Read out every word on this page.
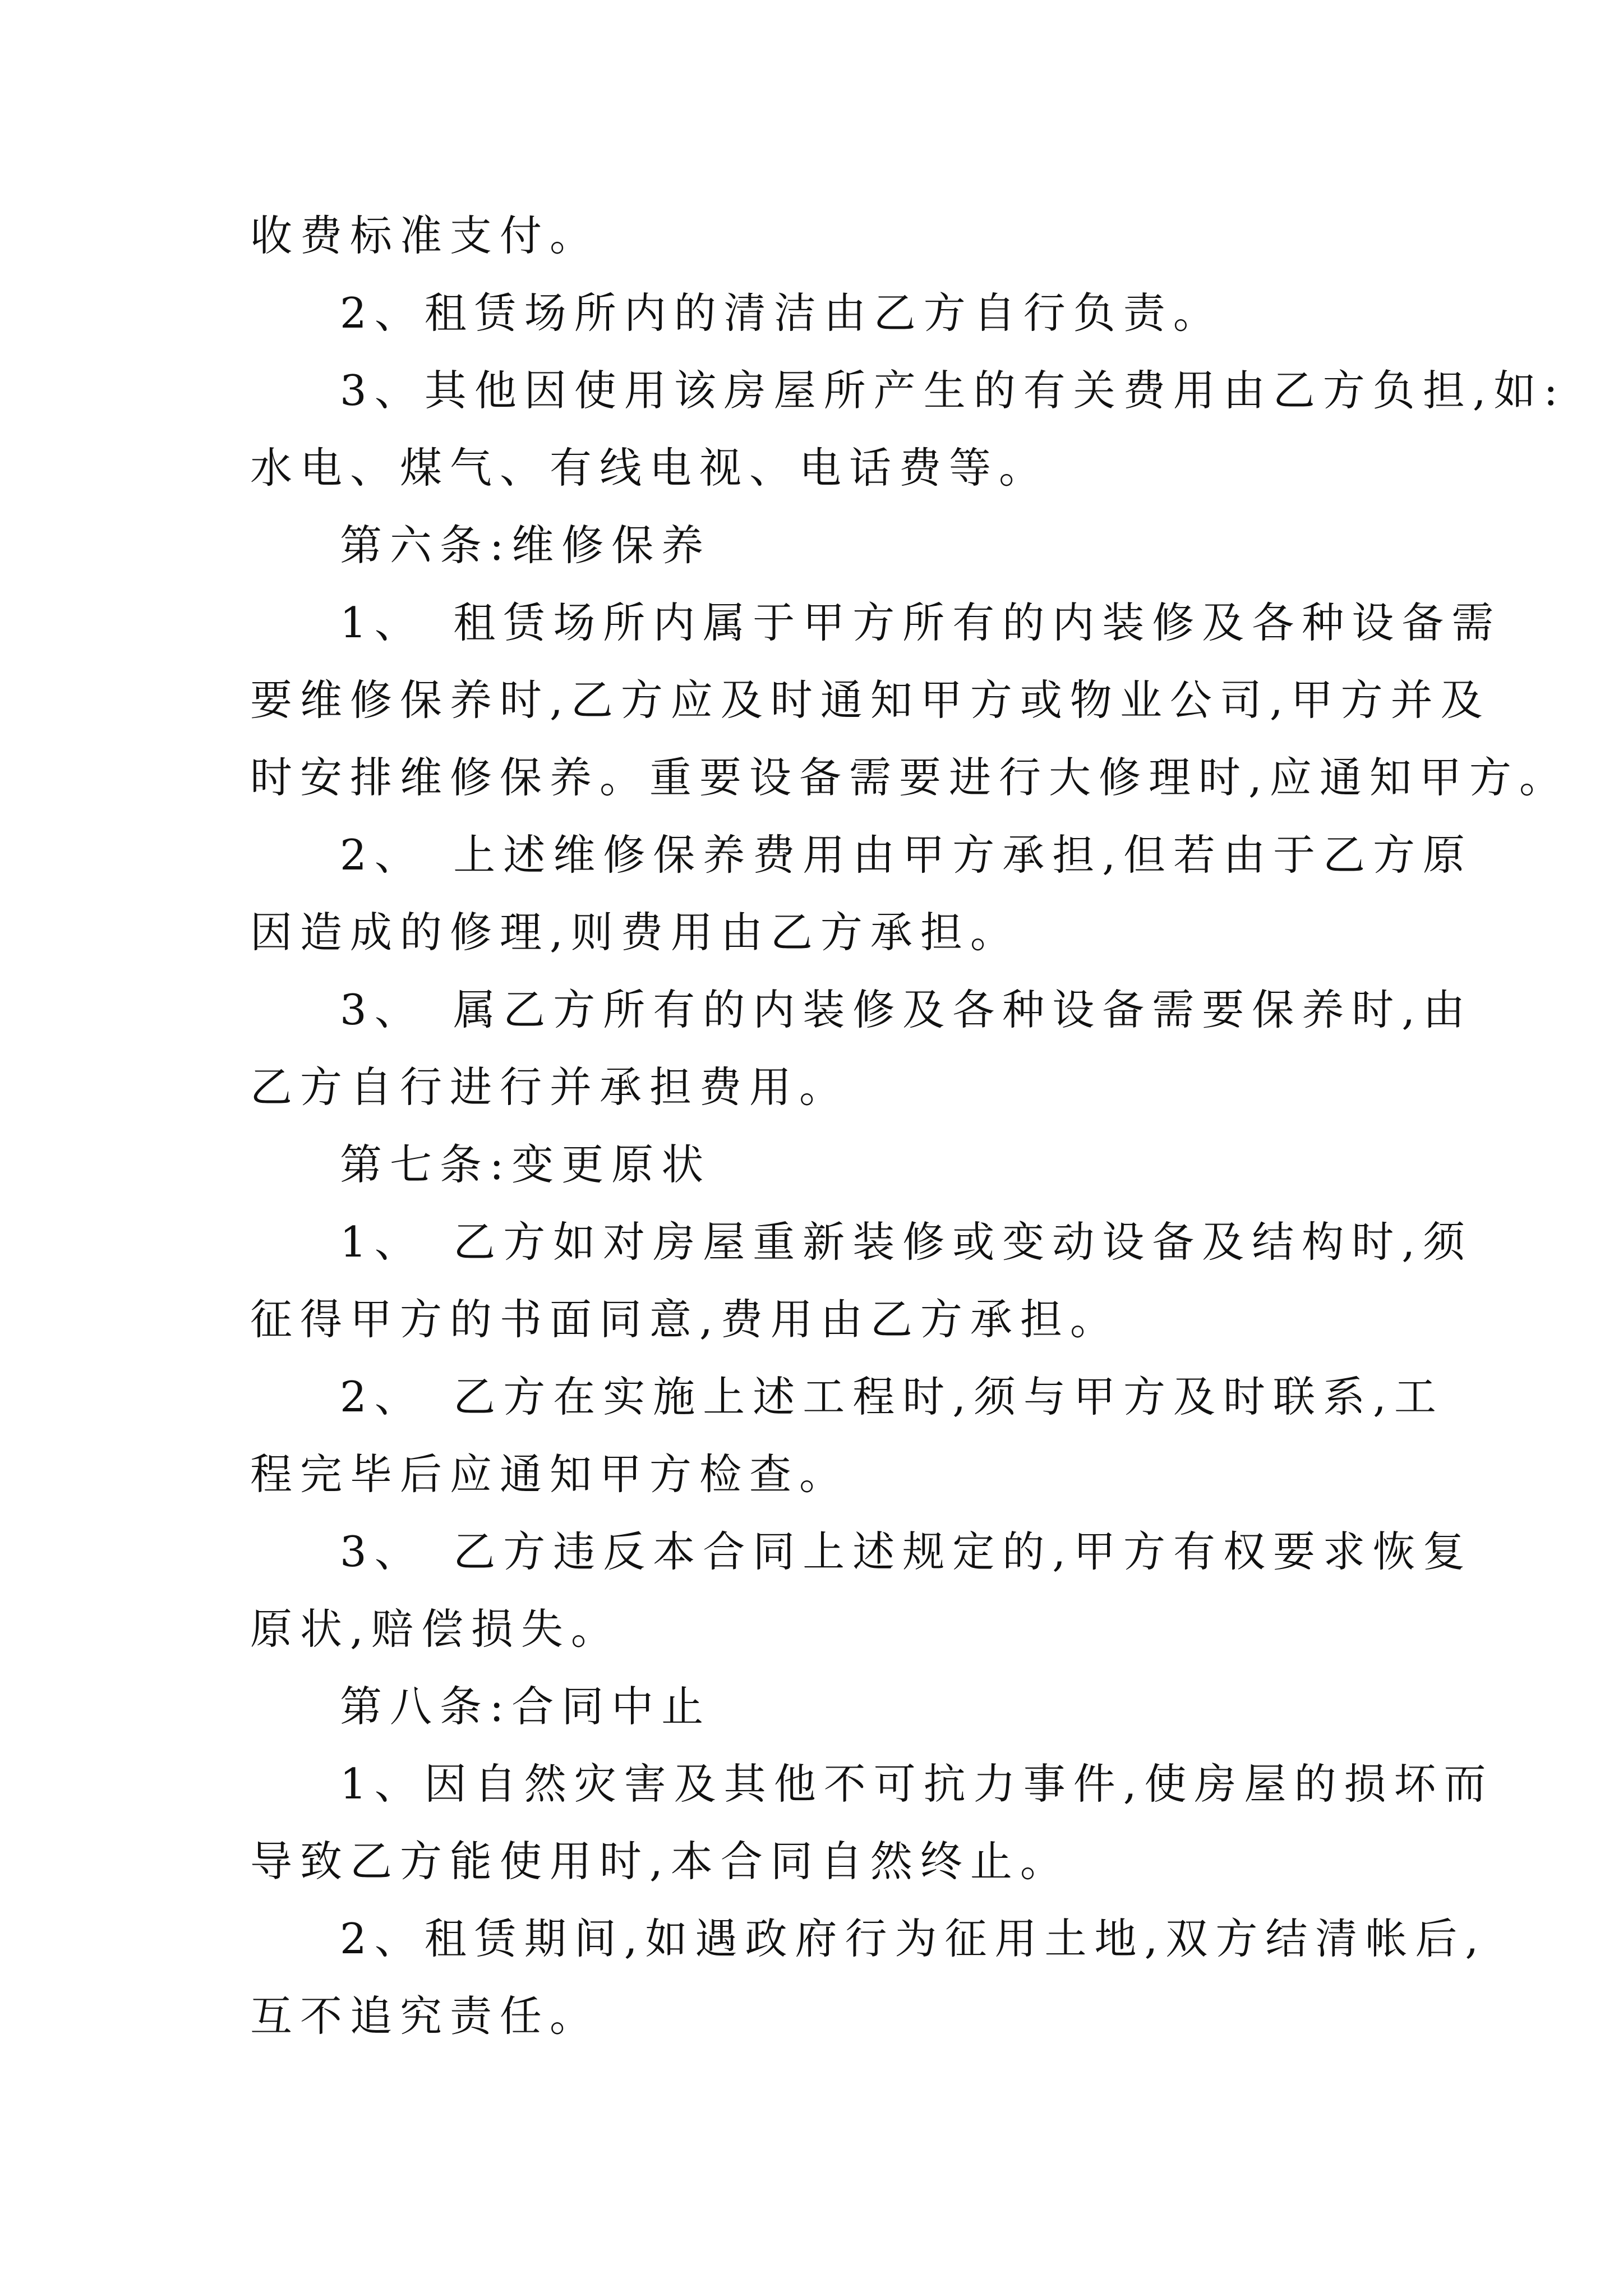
收费标准支付。
2、租赁场所内的清洁由乙方自行负责。
3、其他因使用该房屋所产生的有关费用由乙方负担,如:
水电、煤气、有线电视、电话费等。
第六条:维修保养
1、　租赁场所内属于甲方所有的内装修及各种设备需
要维修保养时,乙方应及时通知甲方或物业公司,甲方并及
时安排维修保养。重要设备需要进行大修理时,应通知甲方。
2、　上述维修保养费用由甲方承担,但若由于乙方原
因造成的修理,则费用由乙方承担。
3、　属乙方所有的内装修及各种设备需要保养时,由
乙方自行进行并承担费用。
第七条:变更原状
1、　乙方如对房屋重新装修或变动设备及结构时,须
征得甲方的书面同意,费用由乙方承担。
2、　乙方在实施上述工程时,须与甲方及时联系,工
程完毕后应通知甲方检查。
3、　乙方违反本合同上述规定的,甲方有权要求恢复
原状,赔偿损失。
第八条:合同中止
1、因自然灾害及其他不可抗力事件,使房屋的损坏而
导致乙方能使用时,本合同自然终止。
2、租赁期间,如遇政府行为征用土地,双方结清帐后,
互不追究责任。
